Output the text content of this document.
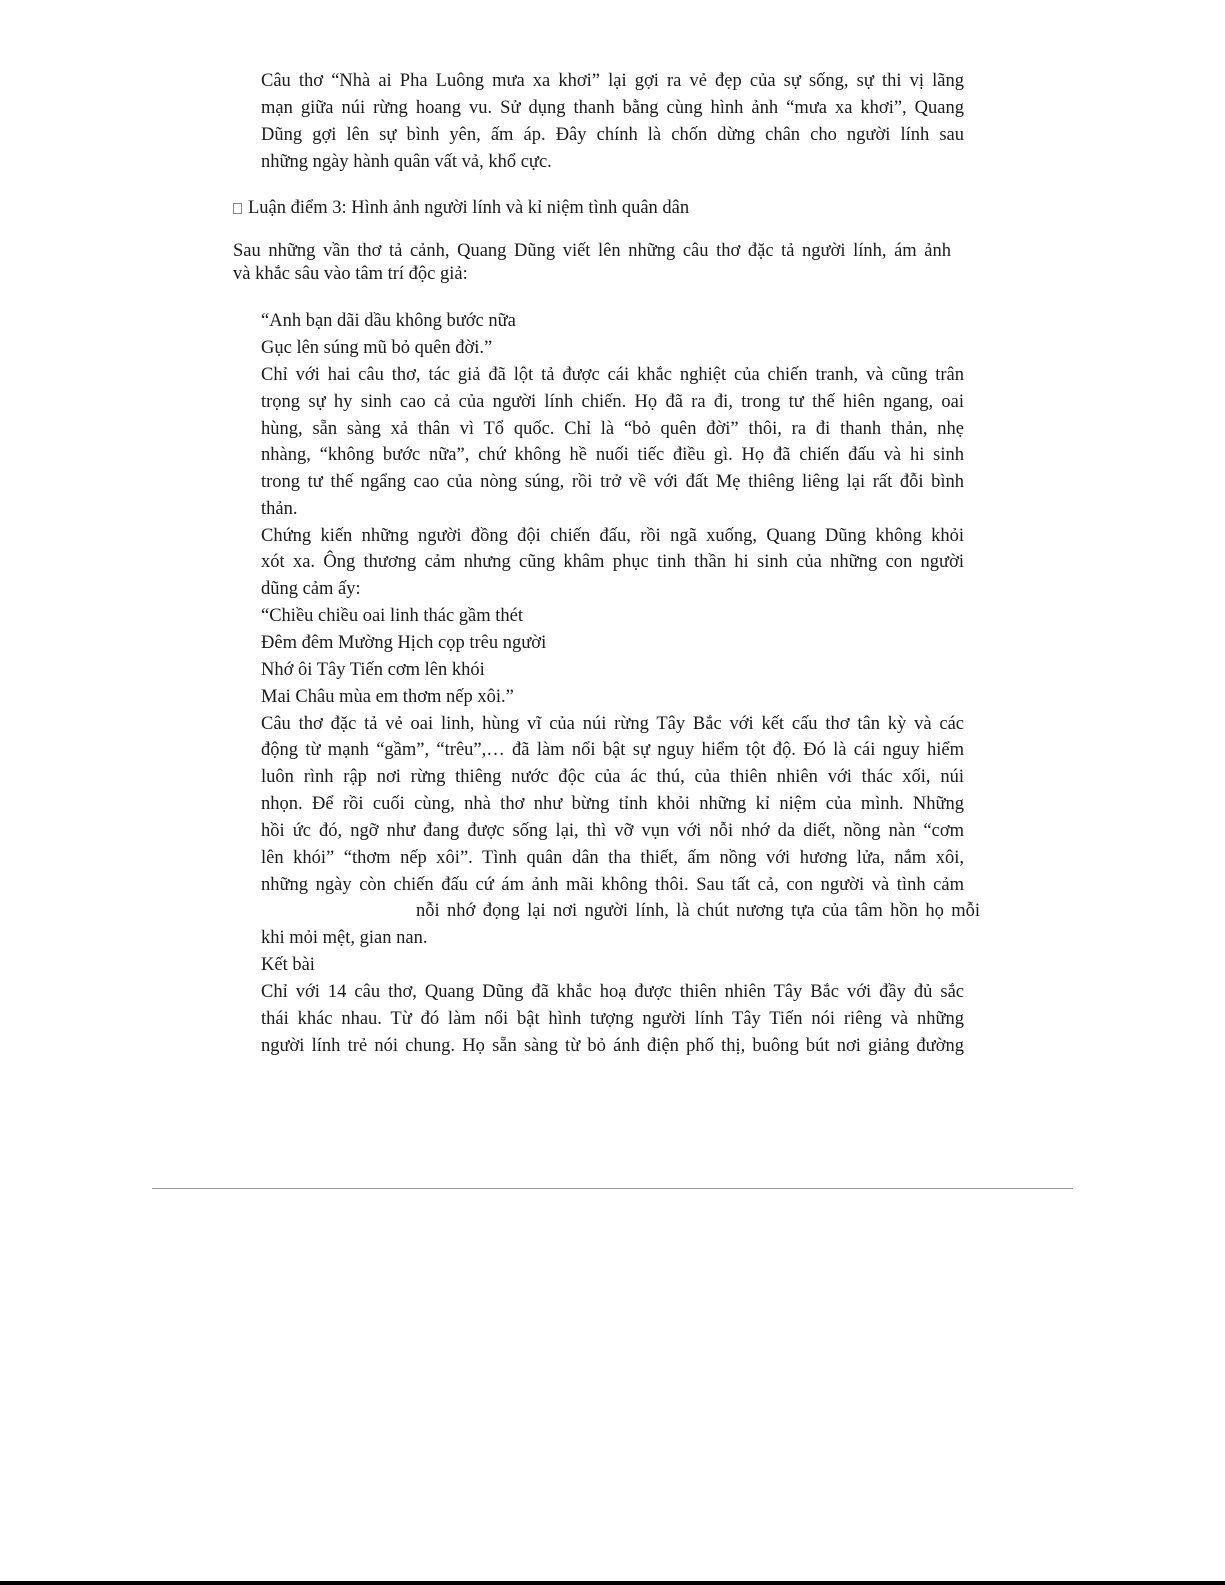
Câu thơ “Nhà ai Pha Luông mưa xa khơi” lại gợi ra vẻ đẹp của sự sống, sự thi vị lãng
mạn giữa núi rừng hoang vu. Sử dụng thanh bằng cùng hình ảnh “mưa xa khơi”, Quang
Dũng gợi lên sự bình yên, ấm áp. Đây chính là chốn dừng chân cho người lính sau
những ngày hành quân vất vả, khổ cực.
Luận điểm 3: Hình ảnh người lính và kỉ niệm tình quân dân
Sau những vần thơ tả cảnh, Quang Dũng viết lên những câu thơ đặc tả người lính, ám ảnh
và khắc sâu vào tâm trí độc giả:
“Anh bạn dãi dầu không bước nữa
Gục lên súng mũ bỏ quên đời.”
Chỉ với hai câu thơ, tác giả đã lột tả được cái khắc nghiệt của chiến tranh, và cũng trân
trọng sự hy sinh cao cả của người lính chiến. Họ đã ra đi, trong tư thế hiên ngang, oai
hùng, sẵn sàng xả thân vì Tổ quốc. Chỉ là “bỏ quên đời” thôi, ra đi thanh thản, nhẹ
nhàng, “không bước nữa”, chứ không hề nuối tiếc điều gì. Họ đã chiến đấu và hi sinh
trong tư thế ngẩng cao của nòng súng, rồi trở về với đất Mẹ thiêng liêng lại rất đỗi bình
thản.
Chứng kiến những người đồng đội chiến đấu, rồi ngã xuống, Quang Dũng không khỏi
xót xa. Ông thương cảm nhưng cũng khâm phục tinh thần hi sinh của những con người
dũng cảm ấy:
“Chiều chiều oai linh thác gầm thét
Đêm đêm Mường Hịch cọp trêu người
Nhớ ôi Tây Tiến cơm lên khói
Mai Châu mùa em thơm nếp xôi.”
Câu thơ đặc tả vẻ oai linh, hùng vĩ của núi rừng Tây Bắc với kết cấu thơ tân kỳ và các
động từ mạnh “gầm”, “trêu”,… đã làm nổi bật sự nguy hiểm tột độ. Đó là cái nguy hiểm
luôn rình rập nơi rừng thiêng nước độc của ác thú, của thiên nhiên với thác xối, núi
nhọn. Để rồi cuối cùng, nhà thơ như bừng tỉnh khỏi những kỉ niệm của mình. Những
hồi ức đó, ngỡ như đang được sống lại, thì vỡ vụn với nỗi nhớ da diết, nồng nàn “cơm
lên khói” “thơm nếp xôi”. Tình quân dân tha thiết, ấm nồng với hương lửa, nắm xôi,
những ngày còn chiến đấu cứ ám ảnh mãi không thôi. Sau tất cả, con người và tình cảm
nỗi nhớ đọng lại nơi người lính, là chút nương tựa của tâm hồn họ mỗi
khi mỏi mệt, gian nan.
Kết bài
Chỉ với 14 câu thơ, Quang Dũng đã khắc hoạ được thiên nhiên Tây Bắc với đầy đủ sắc
thái khác nhau. Từ đó làm nổi bật hình tượng người lính Tây Tiến nói riêng và những
người lính trẻ nói chung. Họ sẵn sàng từ bỏ ánh điện phố thị, buông bút nơi giảng đường
